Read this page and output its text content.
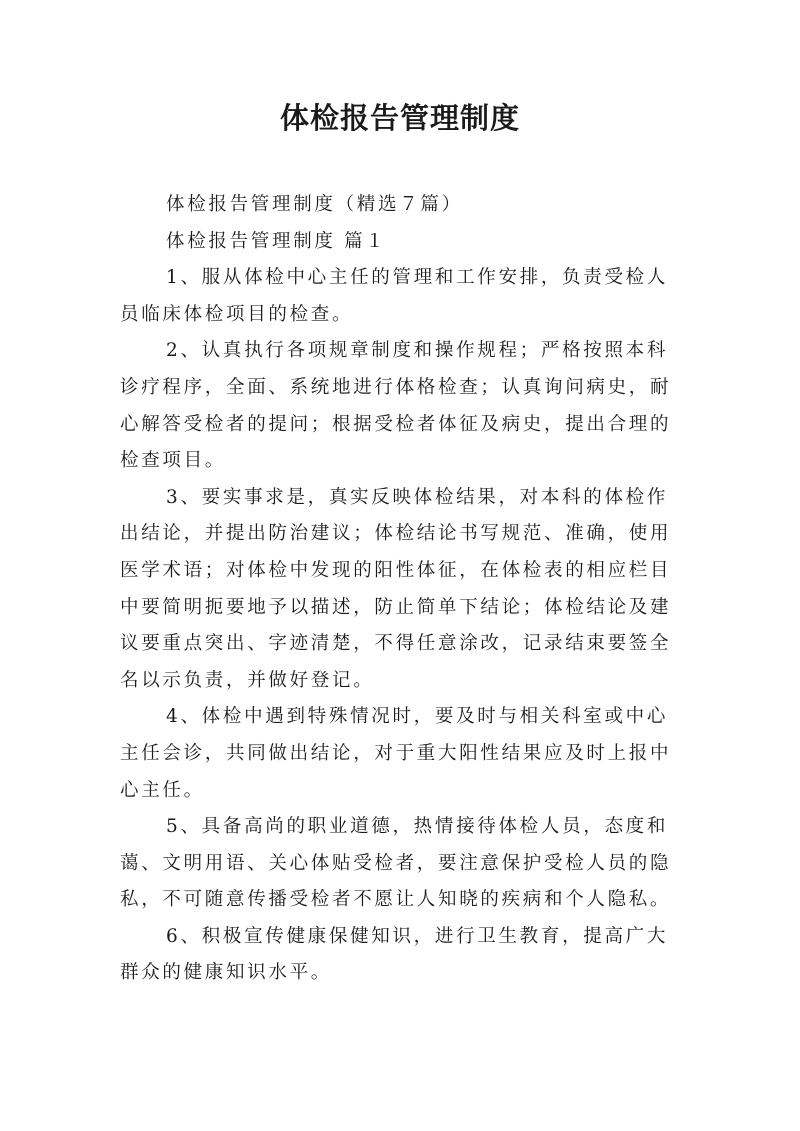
体检报告管理制度
体检报告管理制度（精选７篇）
体检报告管理制度 篇１
1、服从体检中心主任的管理和工作安排，负责受检人
员临床体检项目的检查。
2、认真执行各项规章制度和操作规程；严格按照本科
诊疗程序，全面、系统地进行体格检查；认真询问病史，耐
心解答受检者的提问；根据受检者体征及病史，提出合理的
检查项目。
3、要实事求是，真实反映体检结果，对本科的体检作
出结论，并提出防治建议；体检结论书写规范、准确，使用
医学术语；对体检中发现的阳性体征，在体检表的相应栏目
中要简明扼要地予以描述，防止简单下结论；体检结论及建
议要重点突出、字迹清楚，不得任意涂改，记录结束要签全
名以示负责，并做好登记。
4、体检中遇到特殊情况时，要及时与相关科室或中心
主任会诊，共同做出结论，对于重大阳性结果应及时上报中
心主任。
5、具备高尚的职业道德，热情接待体检人员，态度和
蔼、文明用语、关心体贴受检者，要注意保护受检人员的隐
私，不可随意传播受检者不愿让人知晓的疾病和个人隐私。
6、积极宣传健康保健知识，进行卫生教育，提高广大
群众的健康知识水平。
